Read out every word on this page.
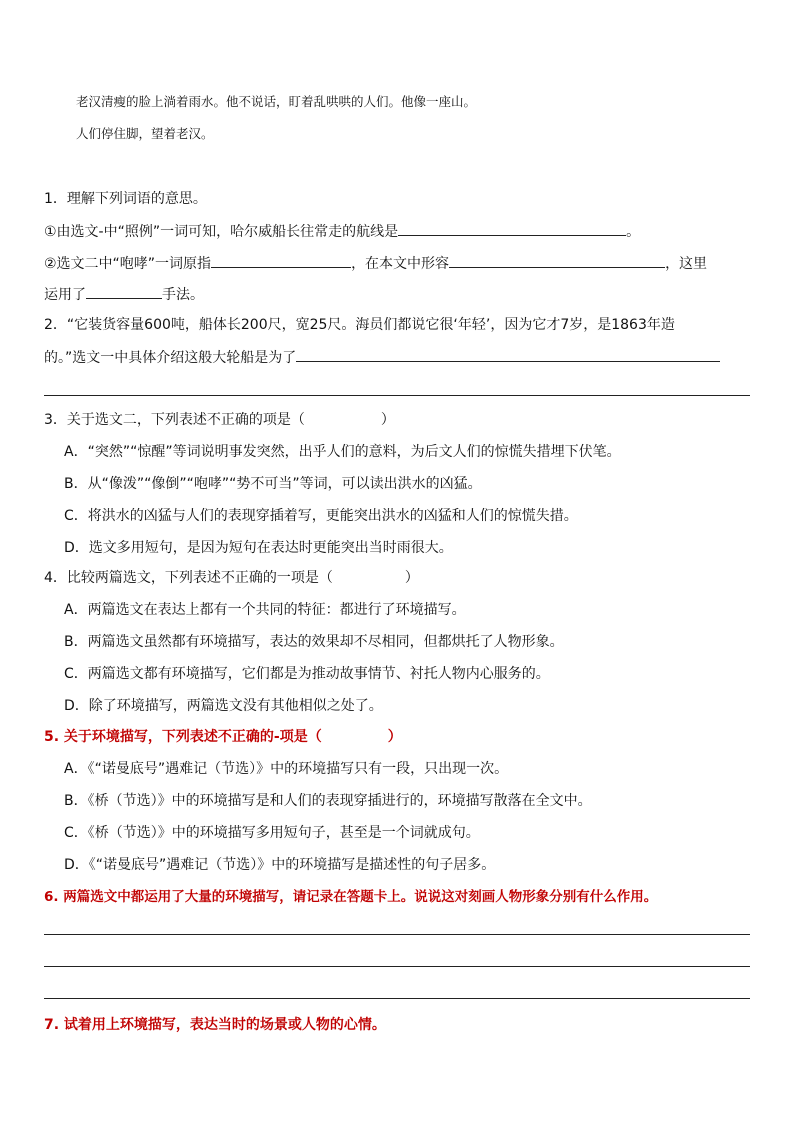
老汉清瘦的脸上淌着雨水。他不说话，盯着乱哄哄的人们。他像一座山。
人们停住脚，望着老汉。
1．理解下列词语的意思。
①由选文-中“照例”一词可知，哈尔威船长往常走的航线是	。
②选文二中“咆哮”一词原指	，在本文中形容	，这里
运用了	手法。
2．“它装货容量600吨，船体长200尺，宽25尺。海员们都说它很‘年轻’，因为它才7岁，是1863年造
的。”选文一中具体介绍这般大轮船是为了
3．关于选文二，下列表述不正确的项是（	）
A．“突然”“惊醒”等词说明事发突然，出乎人们的意料，为后文人们的惊慌失措埋下伏笔。
B．从“像泼”“像倒”“咆哮”“势不可当”等词，可以读出洪水的凶猛。
C．将洪水的凶猛与人们的表现穿插着写，更能突出洪水的凶猛和人们的惊慌失措。
D．选文多用短句，是因为短句在表达时更能突出当时雨很大。
4．比较两篇选文，下列表述不正确的一项是（	）
A．两篇选文在表达上都有一个共同的特征：都进行了环境描写。
B．两篇选文虽然都有环境描写，表达的效果却不尽相同，但都烘托了人物形象。
C．两篇选文都有环境描写，它们都是为推动故事情节、衬托人物内心服务的。
D．除了环境描写，两篇选文没有其他相似之处了。
5. 关于环境描写，下列表述不正确的-项是（	）
A．《“诺曼底号”遇难记（节选）》中的环境描写只有一段，只出现一次。
B．《桥（节选）》中的环境描写是和人们的表现穿插进行的，环境描写散落在全文中。
C．《桥（节选）》中的环境描写多用短句子，甚至是一个词就成句。
D．《“诺曼底号”遇难记（节选）》中的环境描写是描述性的句子居多。
6. 两篇选文中都运用了大量的环境描写，请记录在答题卡上。说说这对刻画人物形象分别有什么作用。
7. 试着用上环境描写，表达当时的场景或人物的心情。
